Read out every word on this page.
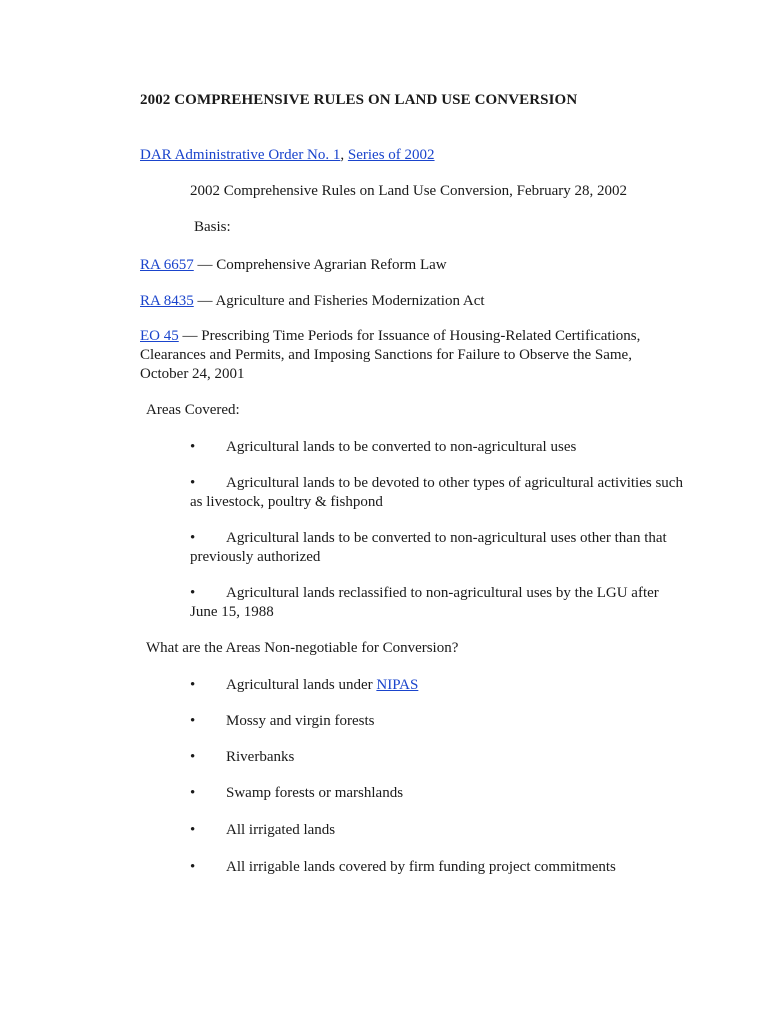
2002 COMPREHENSIVE RULES ON LAND USE CONVERSION
DAR Administrative Order No. 1, Series of 2002
2002 Comprehensive Rules on Land Use Conversion, February 28, 2002
Basis:
RA 6657 — Comprehensive Agrarian Reform Law
RA 8435 — Agriculture and Fisheries Modernization Act
EO 45 — Prescribing Time Periods for Issuance of Housing-Related Certifications, Clearances and Permits, and Imposing Sanctions for Failure to Observe the Same, October 24, 2001
Areas Covered:
• Agricultural lands to be converted to non-agricultural uses
• Agricultural lands to be devoted to other types of agricultural activities such as livestock, poultry & fishpond
• Agricultural lands to be converted to non-agricultural uses other than that previously authorized
• Agricultural lands reclassified to non-agricultural uses by the LGU after June 15, 1988
What are the Areas Non-negotiable for Conversion?
• Agricultural lands under NIPAS
• Mossy and virgin forests
• Riverbanks
• Swamp forests or marshlands
• All irrigated lands
• All irrigable lands covered by firm funding project commitments
